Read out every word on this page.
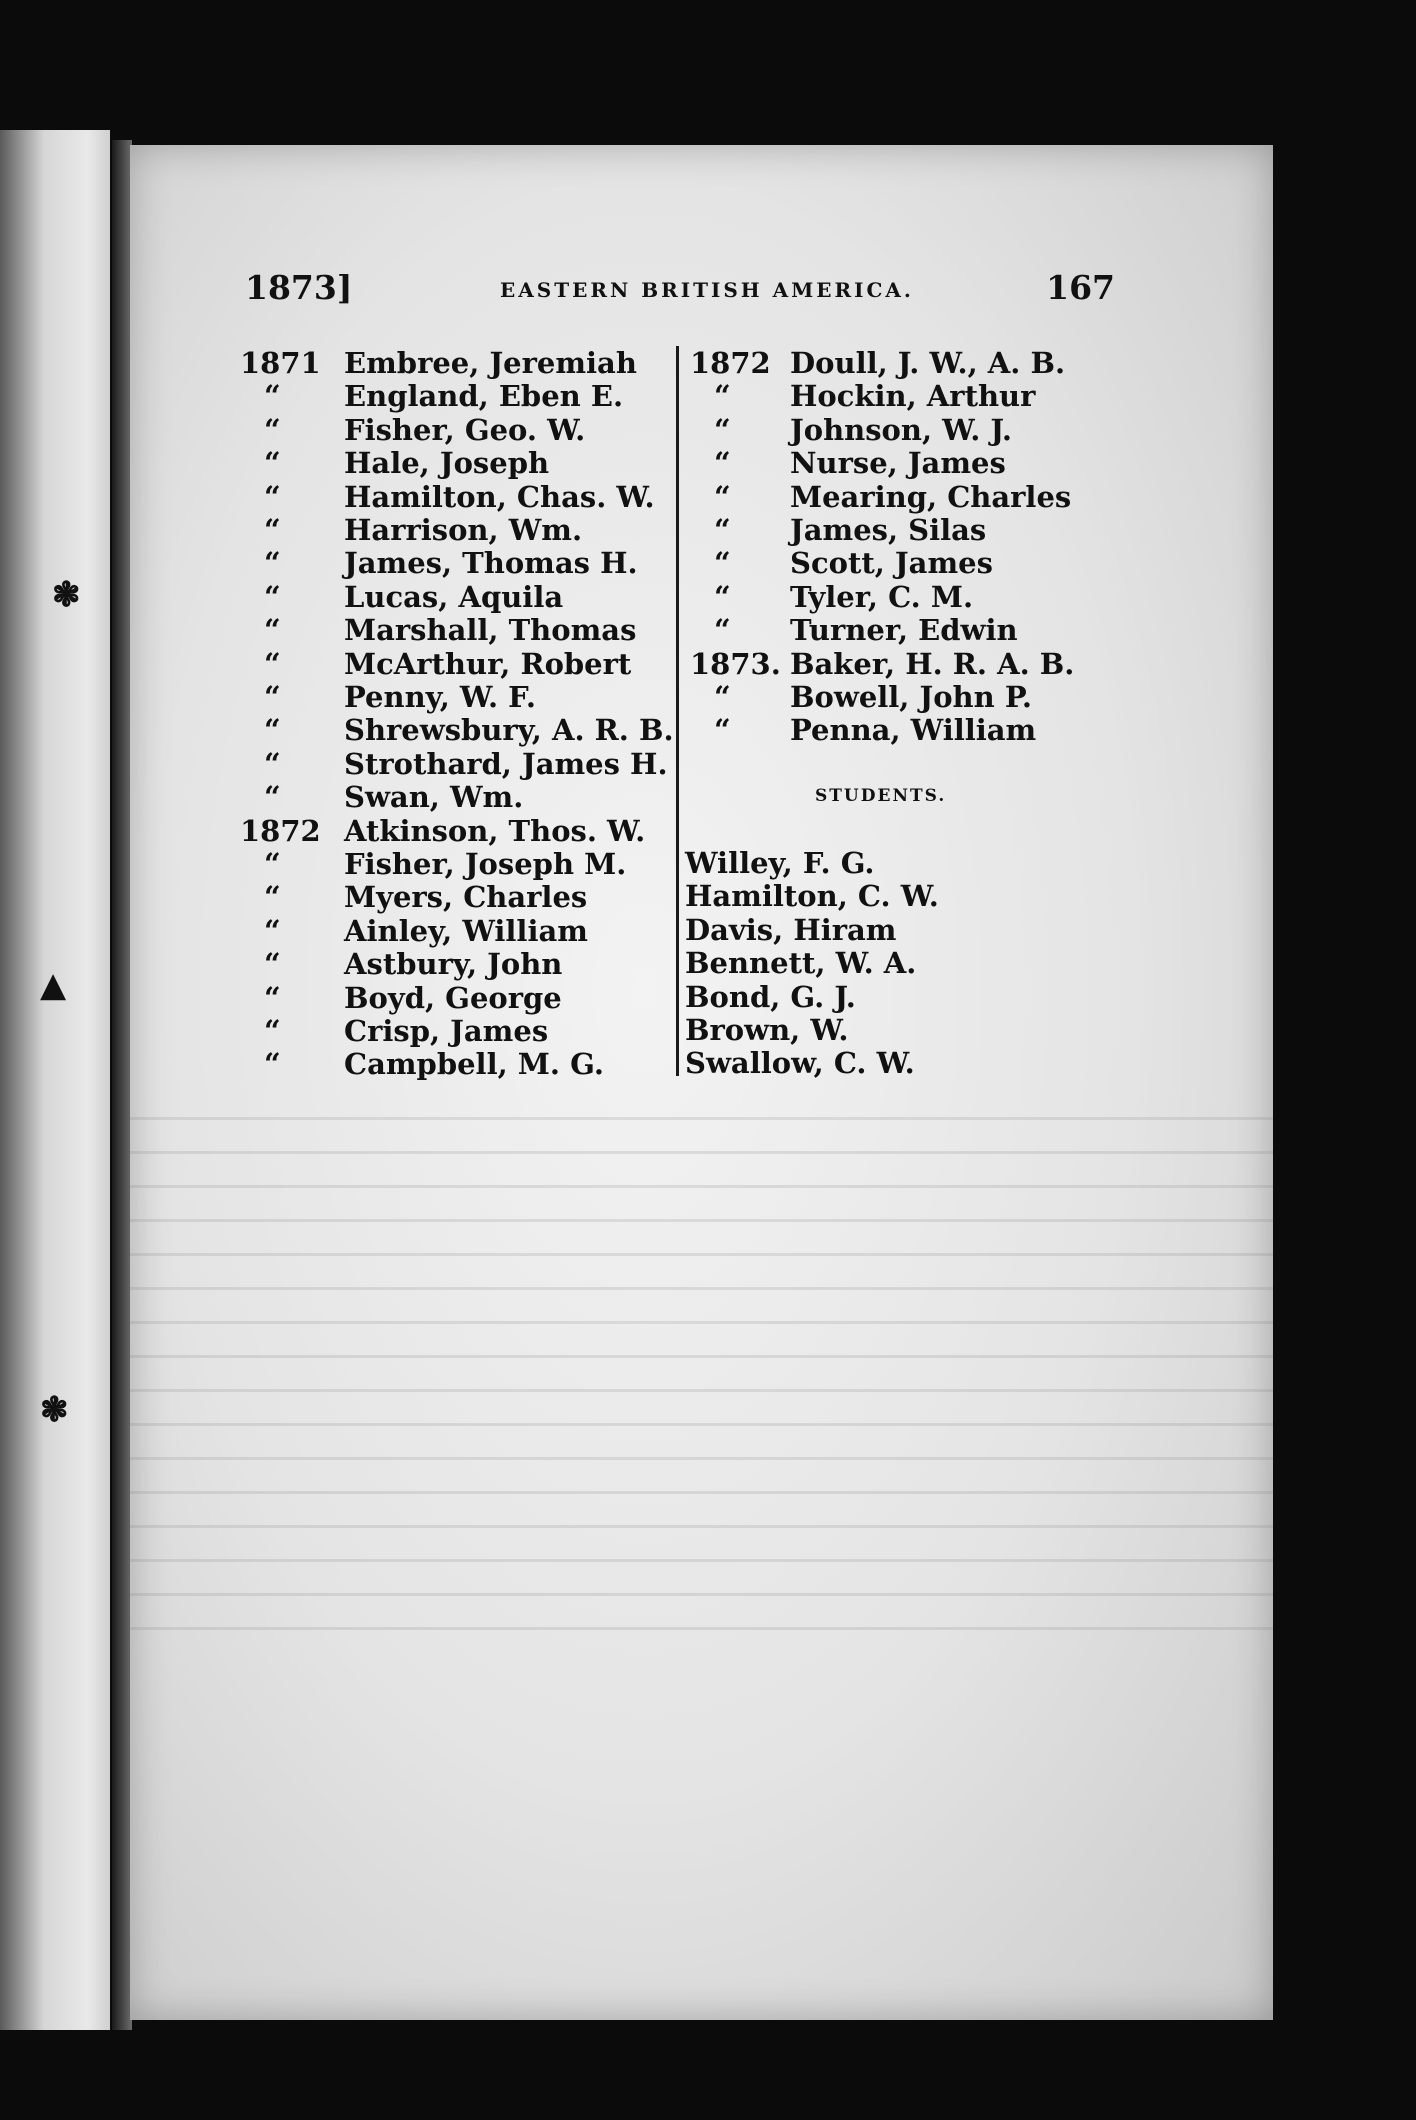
❃
▲
❃
1873]	EASTERN BRITISH AMERICA.	167
1871 Embree, Jeremiah
“	England, Eben E.
“	Fisher, Geo. W.
“	Hale, Joseph
“	Hamilton, Chas. W.
“	Harrison, Wm.
“	James, Thomas H.
“	Lucas, Aquila
“	Marshall, Thomas
“	McArthur, Robert
“	Penny, W. F.
“	Shrewsbury, A. R. B.
“	Strothard, James H.
“	Swan, Wm.
1872 Atkinson, Thos. W.
“	Fisher, Joseph M.
“	Myers, Charles
“	Ainley, William
“	Astbury, John
“	Boyd, George
“	Crisp, James
“	Campbell, M. G.
STUDENTS.
1872 Doull, J. W., A. B.
“ Hockin, Arthur
“ Johnson, W. J.
“ Nurse, James
“ Mearing, Charles
“ James, Silas
“ Scott, James
“ Tyler, C. M.
“ Turner, Edwin
1873. Baker, H. R. A. B.
“ Bowell, John P.
“ Penna, William
Willey, F. G.
Hamilton, C. W.
Davis, Hiram
Bennett, W. A.
Bond, G. J.
Brown, W.
Swallow, C. W.
